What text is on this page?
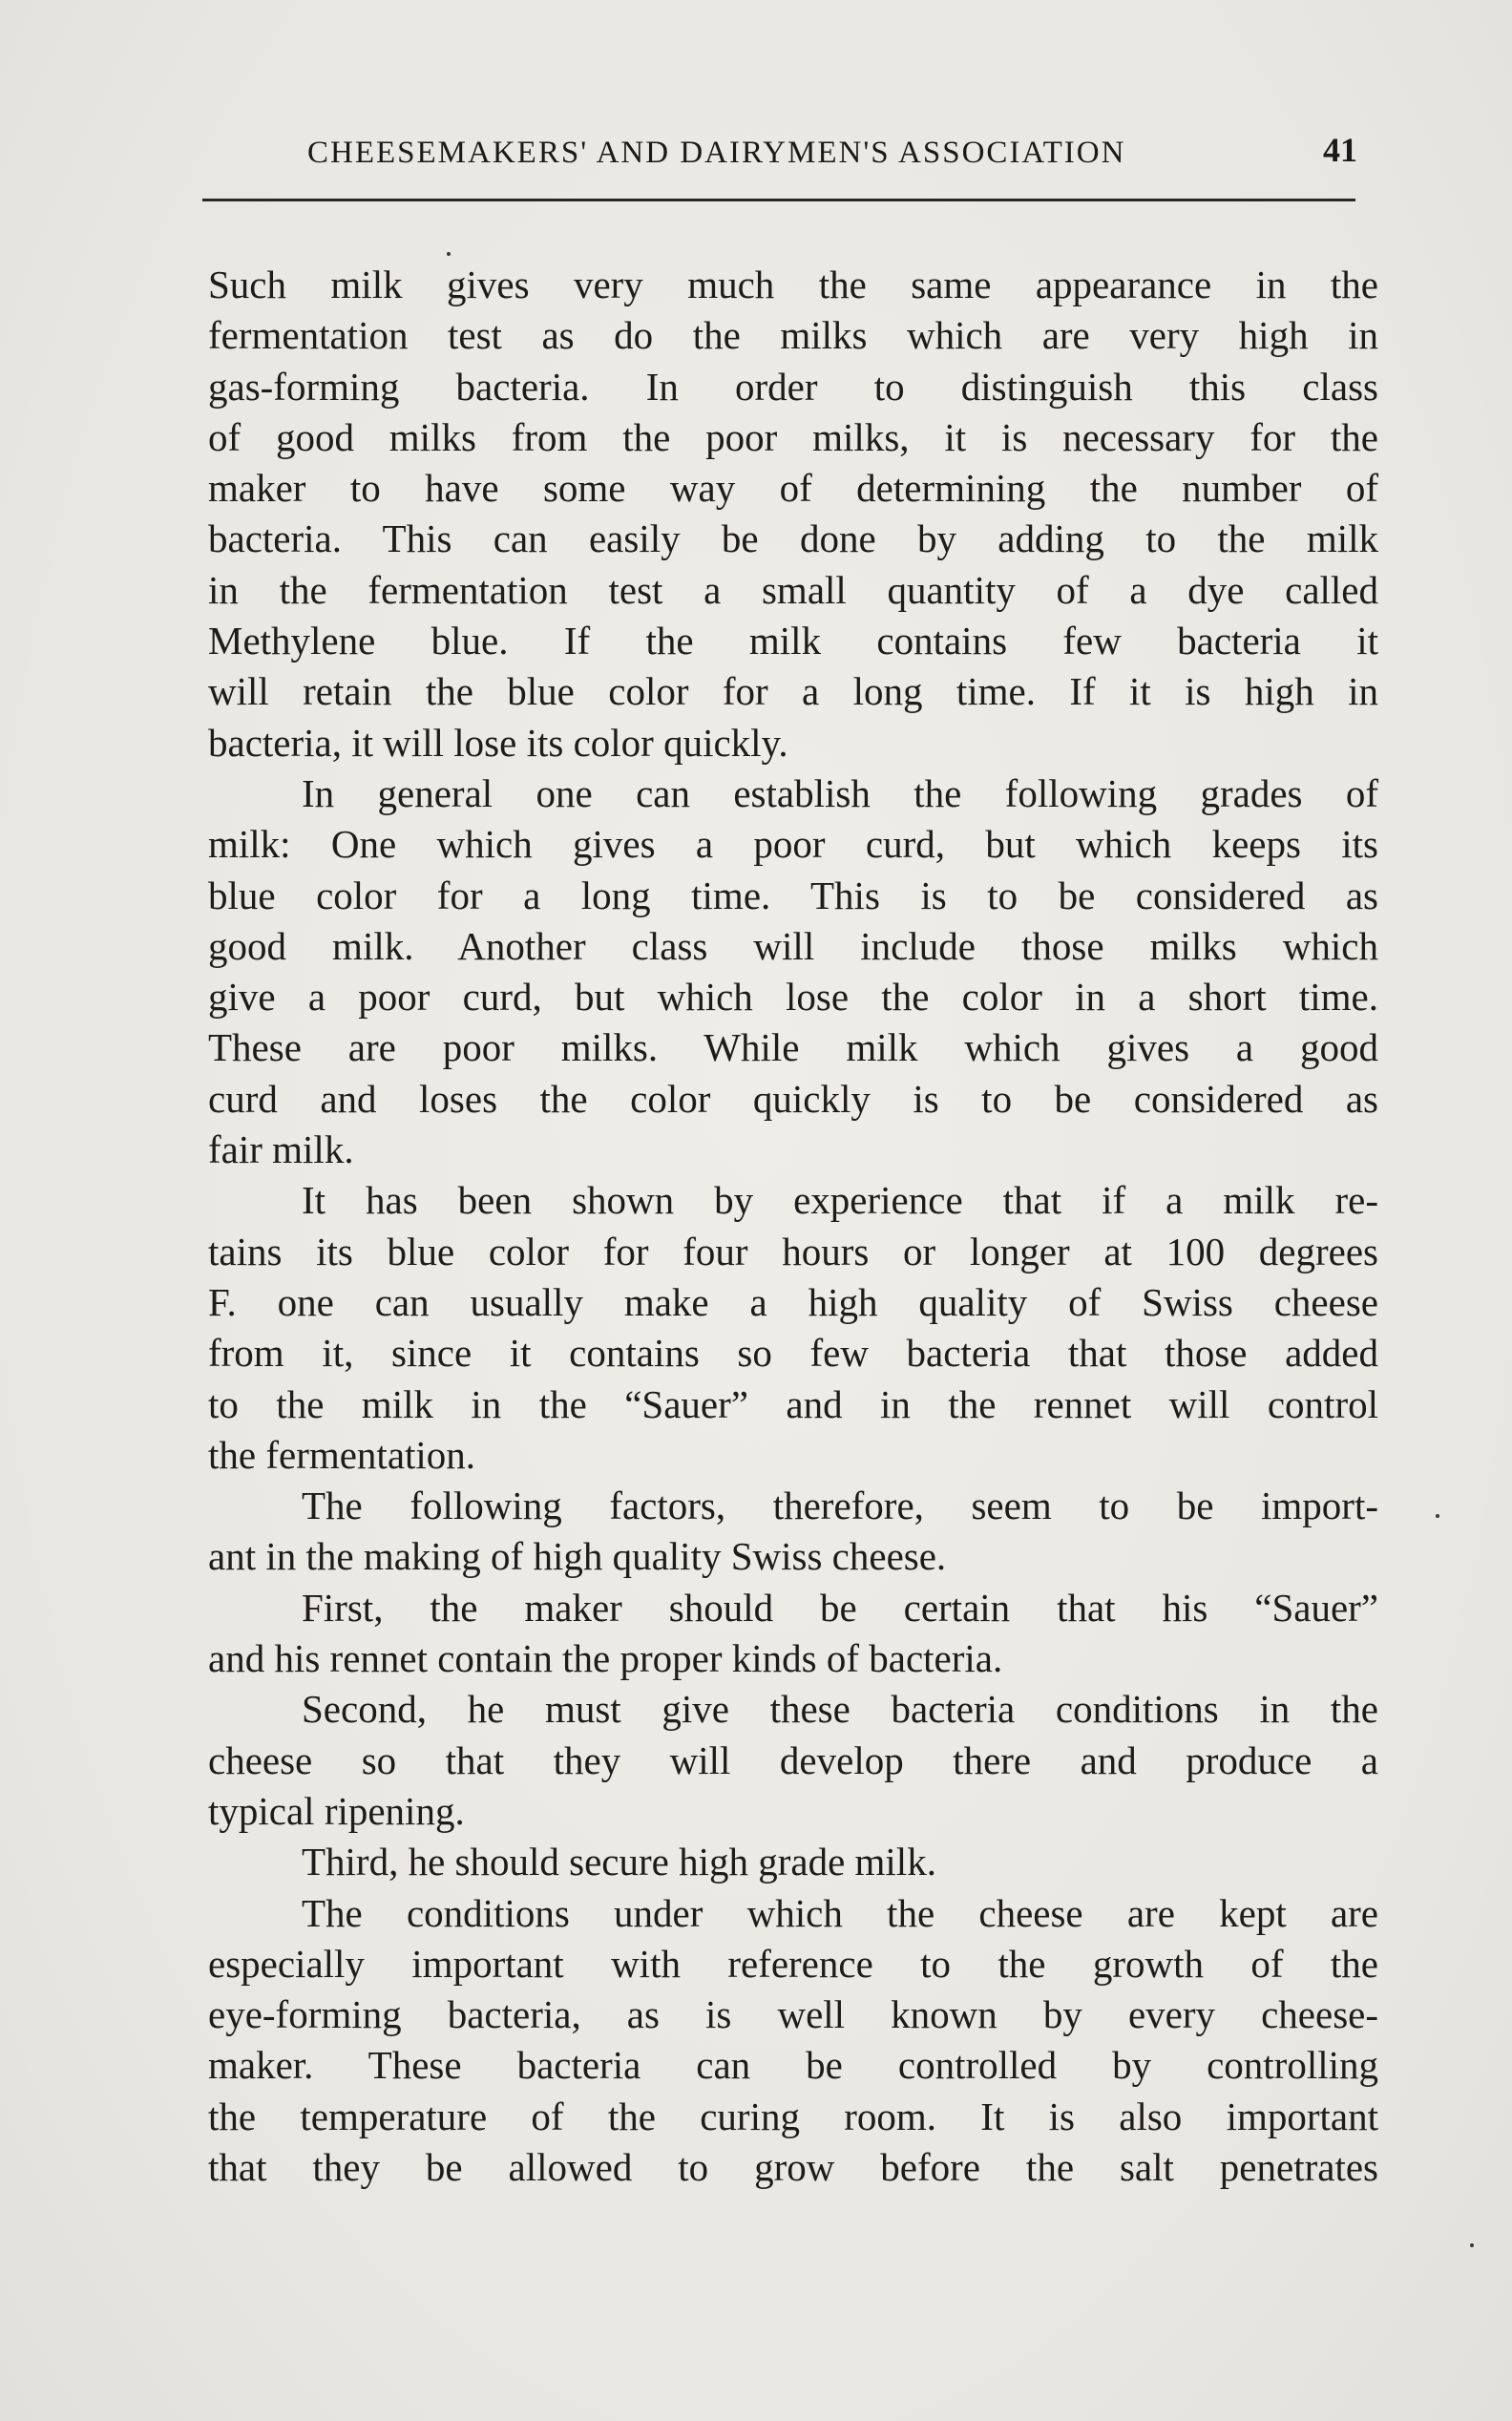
CHEESEMAKERS' AND DAIRYMEN'S ASSOCIATION	41
Such milk gives very much the same appearance in the
fermentation test as do the milks which are very high in
gas-forming bacteria. In order to distinguish this class
of good milks from the poor milks, it is necessary for the
maker to have some way of determining the number of
bacteria. This can easily be done by adding to the milk
in the fermentation test a small quantity of a dye called
Methylene blue. If the milk contains few bacteria it
will retain the blue color for a long time. If it is high in
bacteria, it will lose its color quickly.
In general one can establish the following grades of
milk: One which gives a poor curd, but which keeps its
blue color for a long time. This is to be considered as
good milk. Another class will include those milks which
give a poor curd, but which lose the color in a short time.
These are poor milks. While milk which gives a good
curd and loses the color quickly is to be considered as
fair milk.
It has been shown by experience that if a milk re-
tains its blue color for four hours or longer at 100 degrees
F. one can usually make a high quality of Swiss cheese
from it, since it contains so few bacteria that those added
to the milk in the “Sauer” and in the rennet will control
the fermentation.
The following factors, therefore, seem to be import-
ant in the making of high quality Swiss cheese.
First, the maker should be certain that his “Sauer”
and his rennet contain the proper kinds of bacteria.
Second, he must give these bacteria conditions in the
cheese so that they will develop there and produce a
typical ripening.
Third, he should secure high grade milk.
The conditions under which the cheese are kept are
especially important with reference to the growth of the
eye-forming bacteria, as is well known by every cheese-
maker. These bacteria can be controlled by controlling
the temperature of the curing room. It is also important
that they be allowed to grow before the salt penetrates
